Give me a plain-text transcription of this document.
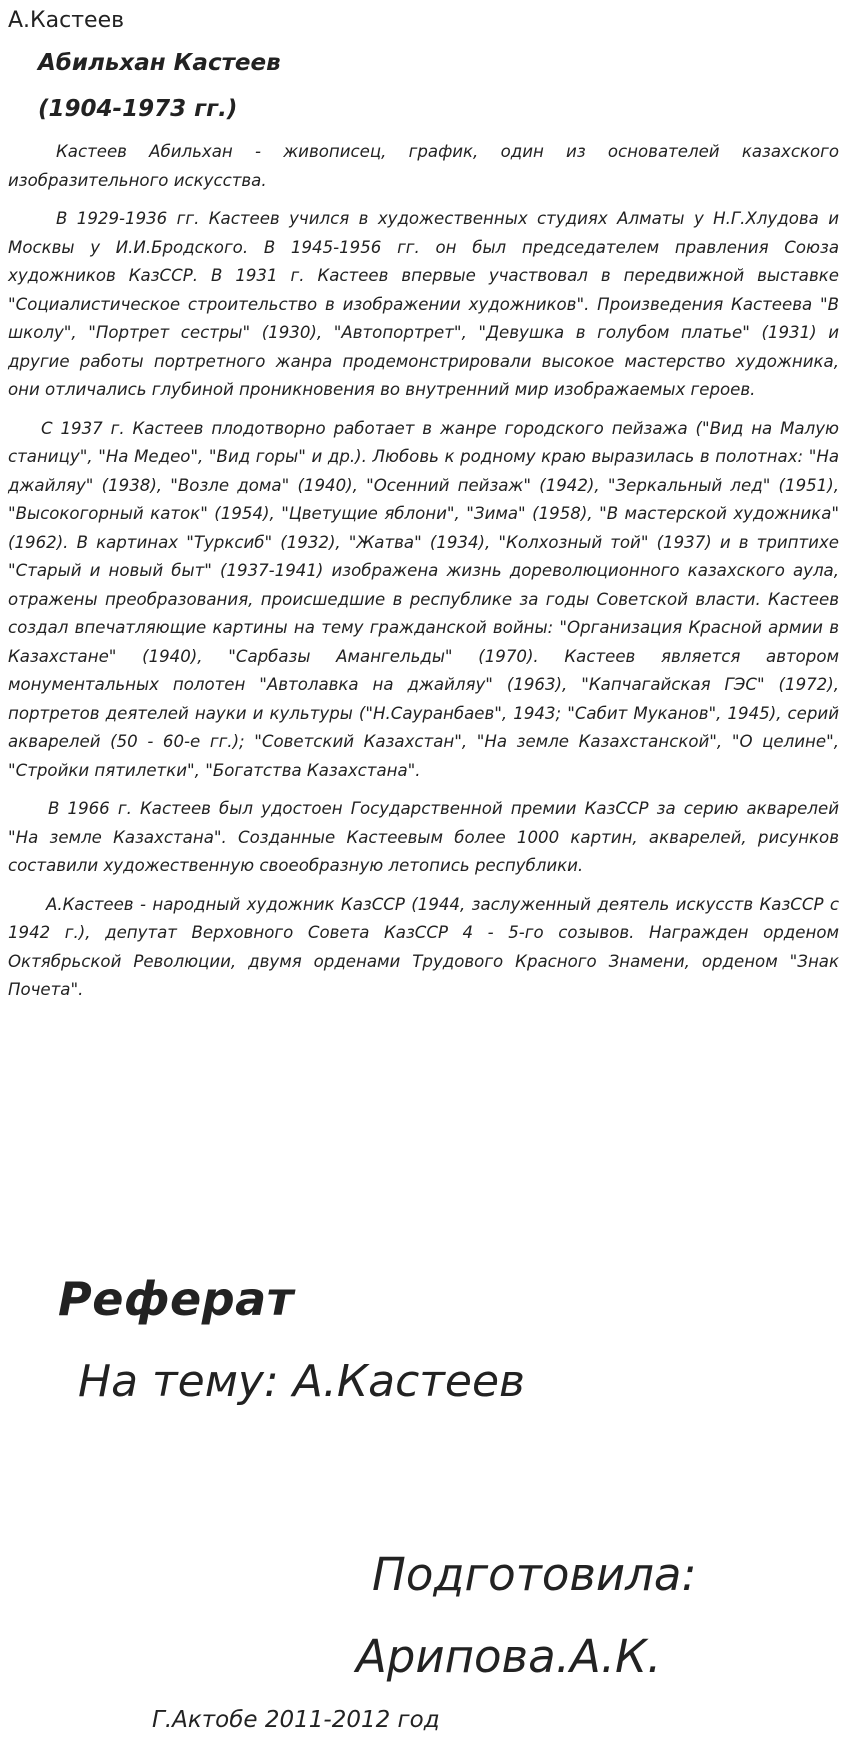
А.Кастеев
Абильхан Кастеев
(1904-1973 гг.)

Кастеев Абильхан - живописец, график, один из основателей казахского изобразительного искусства.

В 1929-1936 гг. Кастеев учился в художественных студиях Алматы у Н.Г.Хлудова и Москвы у И.И.Бродского. В 1945-1956 гг. он был председателем правления Союза художников КазССР. В 1931 г. Кастеев впервые участвовал в передвижной выставке "Социалистическое строительство в изображении художников". Произведения Кастеева "В школу", "Портрет сестры" (1930), "Автопортрет", "Девушка в голубом платье" (1931) и другие работы портретного жанра продемонстрировали высокое мастерство художника, они отличались глубиной проникновения во внутренний мир изображаемых героев.

С 1937 г. Кастеев плодотворно работает в жанре городского пейзажа ("Вид на Малую станицу", "На Медео", "Вид горы" и др.). Любовь к родному краю выразилась в полотнах: "На джайляу" (1938), "Возле дома" (1940), "Осенний пейзаж" (1942), "Зеркальный лед" (1951), "Высокогорный каток" (1954), "Цветущие яблони", "Зима" (1958), "В мастерской художника" (1962). В картинах "Турксиб" (1932), "Жатва" (1934), "Колхозный той" (1937) и в триптихе "Старый и новый быт" (1937-1941) изображена жизнь дореволюционного казахского аула, отражены преобразования, происшедшие в республике за годы Советской власти. Кастеев создал впечатляющие картины на тему гражданской войны: "Организация Красной армии в Казахстане" (1940), "Сарбазы Амангельды" (1970). Кастеев является автором монументальных полотен "Автолавка на джайляу" (1963), "Капчагайская ГЭС" (1972), портретов деятелей науки и культуры ("Н.Сауранбаев", 1943; "Сабит Муканов", 1945), серий акварелей (50 - 60-е гг.); "Советский Казахстан", "На земле Казахстанской", "О целине", "Стройки пятилетки", "Богатства Казахстана".

В 1966 г. Кастеев был удостоен Государственной премии КазССР за серию акварелей "На земле Казахстана". Созданные Кастеевым более 1000 картин, акварелей, рисунков составили художественную своеобразную летопись республики.

А.Кастеев - народный художник КазССР (1944, заслуженный деятель искусств КазССР с 1942 г.), депутат Верховного Совета КазССР 4 - 5-го созывов. Награжден орденом Октябрьской Революции, двумя орденами Трудового Красного Знамени, орденом "Знак Почета".

Реферат
На тему: А.Кастеев
Подготовила:
Арипова.А.К.
Г.Актобе 2011-2012 год
